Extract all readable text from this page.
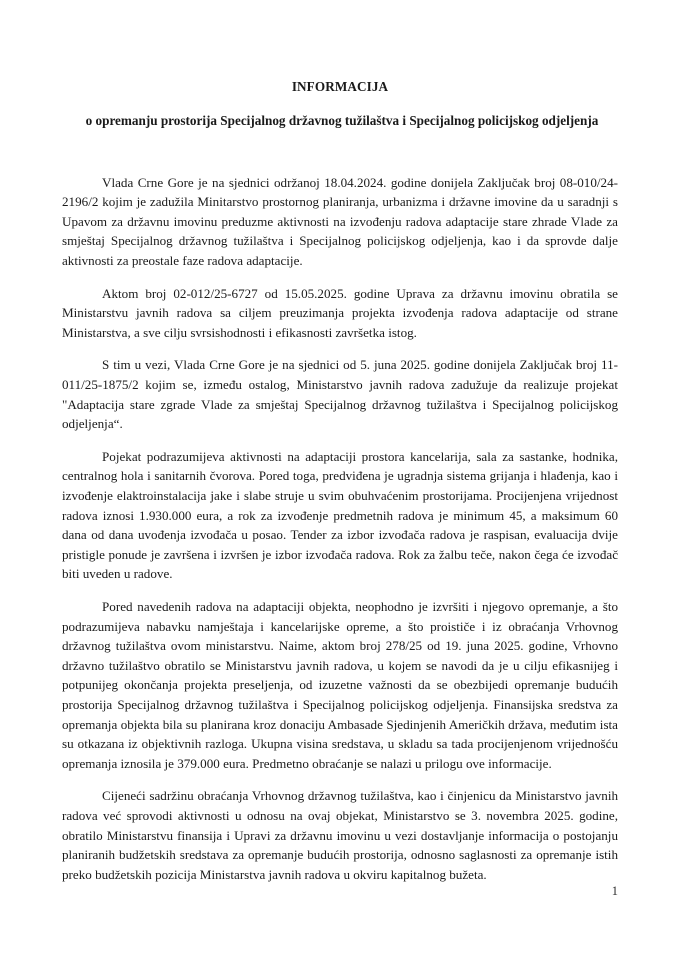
INFORMACIJA
o opremanju prostorija Specijalnog državnog tužilaštva i Specijalnog policijskog odjeljenja

Vlada Crne Gore je na sjednici održanoj 18.04.2024. godine donijela Zaključak broj 08-010/24-2196/2 kojim je zadužila Minitarstvo prostornog planiranja, urbanizma i državne imovine da u saradnji s Upavom za državnu imovinu preduzme aktivnosti na izvođenju radova adaptacije stare zhrade Vlade za smještaj Specijalnog državnog tužilaštva i Specijalnog policijskog odjeljenja, kao i da sprovde dalje aktivnosti za preostale faze radova adaptacije.

Aktom broj 02-012/25-6727 od 15.05.2025. godine Uprava za državnu imovinu obratila se Ministarstvu javnih radova sa ciljem preuzimanja projekta izvođenja radova adaptacije od strane Ministarstva, a sve cilju svrsishodnosti i efikasnosti završetka istog.

S tim u vezi, Vlada Crne Gore je na sjednici od 5. juna 2025. godine donijela Zaključak broj 11-011/25-1875/2 kojim se, između ostalog, Ministarstvo javnih radova zadužuje da realizuje projekat "Adaptacija stare zgrade Vlade za smještaj Specijalnog državnog tužilaštva i Specijalnog policijskog odjeljenja“.

Pojekat podrazumijeva aktivnosti na adaptaciji prostora kancelarija, sala za sastanke, hodnika, centralnog hola i sanitarnih čvorova. Pored toga, predviđena je ugradnja sistema grijanja i hlađenja, kao i izvođenje elaktroinstalacija jake i slabe struje u svim obuhvaćenim prostorijama. Procijenjena vrijednost radova iznosi 1.930.000 eura, a rok za izvođenje predmetnih radova je minimum 45, a maksimum 60 dana od dana uvođenja izvođača u posao. Tender za izbor izvođača radova je raspisan, evaluacija dvije pristigle ponude je završena i izvršen je izbor izvođača radova. Rok za žalbu teče, nakon čega će izvođač biti uveden u radove.

Pored navedenih radova na adaptaciji objekta, neophodno je izvršiti i njegovo opremanje, a što podrazumijeva nabavku namještaja i kancelarijske opreme, a što proističe i iz obraćanja Vrhovnog državnog tužilaštva ovom ministarstvu. Naime, aktom broj 278/25 od 19. juna 2025. godine, Vrhovno državno tužilaštvo obratilo se Ministarstvu javnih radova, u kojem se navodi da je u cilju efikasnijeg i potpunijeg okončanja projekta preseljenja, od izuzetne važnosti da se obezbijedi opremanje budućih prostorija Specijalnog državnog tužilaštva i Specijalnog policijskog odjeljenja. Finansijska sredstva za opremanja objekta bila su planirana kroz donaciju Ambasade Sjedinjenih Američkih država, međutim ista su otkazana iz objektivnih razloga. Ukupna visina sredstava, u skladu sa tada procijenjenom vrijednošću opremanja iznosila je 379.000 eura. Predmetno obraćanje se nalazi u prilogu ove informacije.

Cijeneći sadržinu obraćanja Vrhovnog državnog tužilaštva, kao i činjenicu da Ministarstvo javnih radova već sprovodi aktivnosti u odnosu na ovaj objekat, Ministarstvo se 3. novembra 2025. godine, obratilo Ministarstvu finansija i Upravi za državnu imovinu u vezi dostavljanje informacija o postojanju planiranih budžetskih sredstava za opremanje budućih prostorija, odnosno saglasnosti za opremanje istih preko budžetskih pozicija Ministarstva javnih radova u okviru kapitalnog bužeta.

1
